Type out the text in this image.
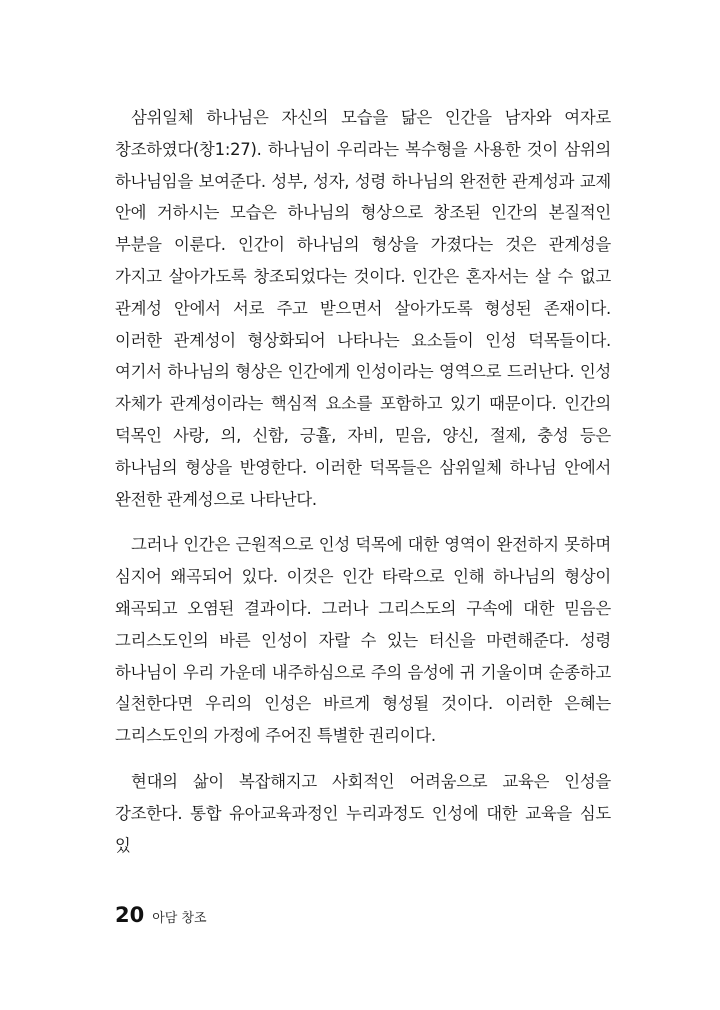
삼위일체 하나님은 자신의 모습을 닮은 인간을 남자와 여자로 창조하였다(창1:27). 하나님이 우리라는 복수형을 사용한 것이 삼위의 하나님임을 보여준다. 성부, 성자, 성령 하나님의 완전한 관계성과 교제 안에 거하시는 모습은 하나님의 형상으로 창조된 인간의 본질적인 부분을 이룬다. 인간이 하나님의 형상을 가졌다는 것은 관계성을 가지고 살아가도록 창조되었다는 것이다. 인간은 혼자서는 살 수 없고 관계성 안에서 서로 주고 받으면서 살아가도록 형성된 존재이다. 이러한 관계성이 형상화되어 나타나는 요소들이 인성 덕목들이다. 여기서 하나님의 형상은 인간에게 인성이라는 영역으로 드러난다. 인성 자체가 관계성이라는 핵심적 요소를 포함하고 있기 때문이다. 인간의 덕목인 사랑, 의, 신함, 긍휼, 자비, 믿음, 양신, 절제, 충성 등은 하나님의 형상을 반영한다. 이러한 덕목들은 삼위일체 하나님 안에서 완전한 관계성으로 나타난다.

그러나 인간은 근원적으로 인성 덕목에 대한 영역이 완전하지 못하며 심지어 왜곡되어 있다. 이것은 인간 타락으로 인해 하나님의 형상이 왜곡되고 오염된 결과이다. 그러나 그리스도의 구속에 대한 믿음은 그리스도인의 바른 인성이 자랄 수 있는 터신을 마련해준다. 성령 하나님이 우리 가운데 내주하심으로 주의 음성에 귀 기울이며 순종하고 실천한다면 우리의 인성은 바르게 형성될 것이다. 이러한 은혜는 그리스도인의 가정에 주어진 특별한 권리이다.

현대의 삶이 복잡해지고 사회적인 어려움으로 교육은 인성을 강조한다. 통합 유아교육과정인 누리과정도 인성에 대한 교육을 심도 있

20 아담 창조
